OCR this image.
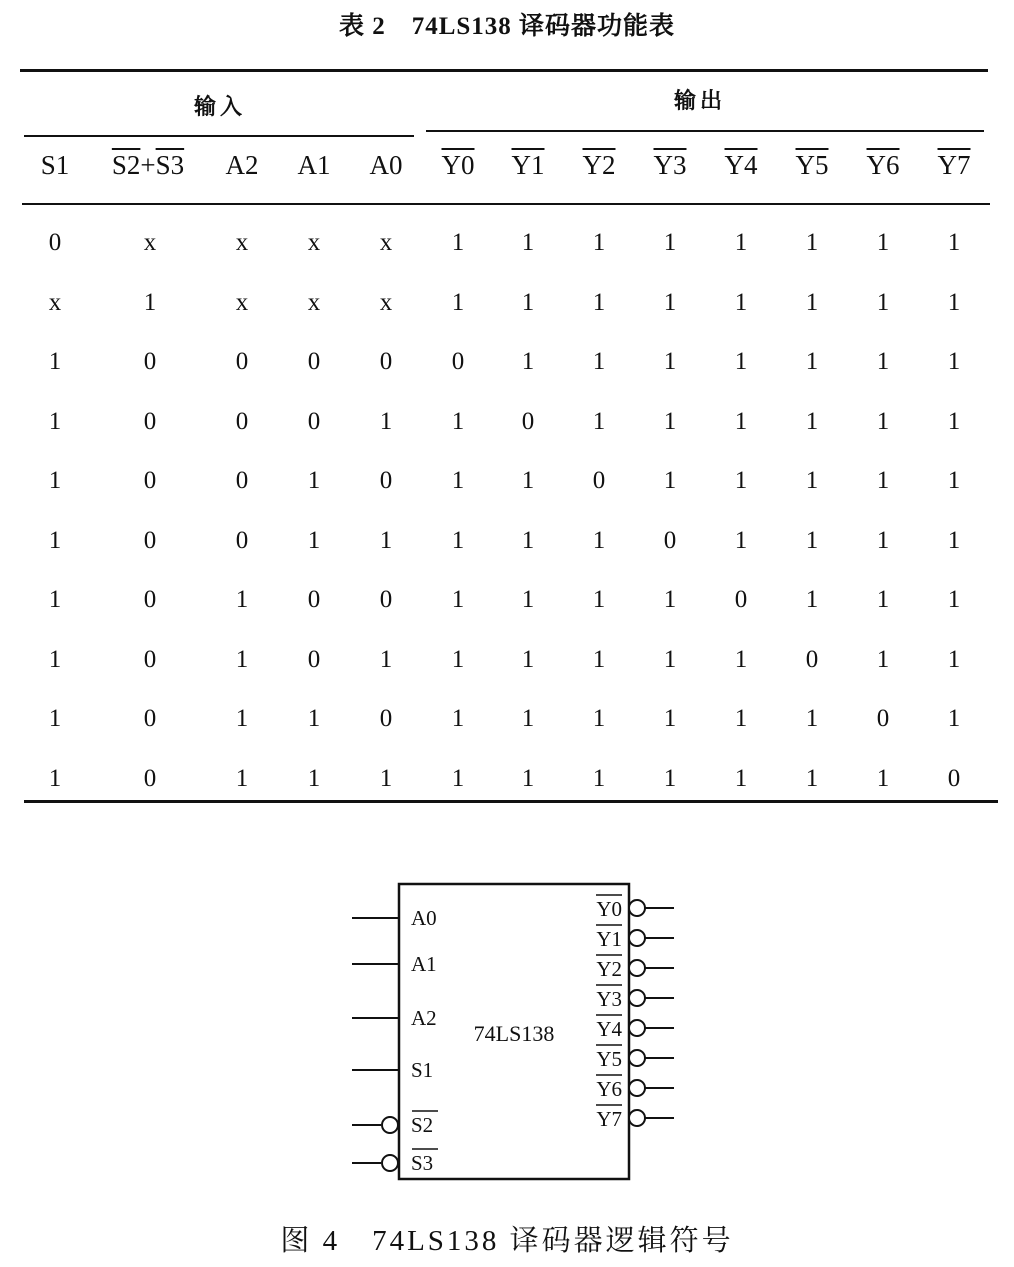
表 2　74LS138 译码器功能表
输入	输出
S1	S2+S3	A2	A1	A0	Y0	Y1	Y2	Y3	Y4	Y5	Y6	Y7
0	x	x	x	x	1	1	1	1	1	1	1	1
x	1	x	x	x	1	1	1	1	1	1	1	1
1	0	0	0	0	0	1	1	1	1	1	1	1
1	0	0	0	1	1	0	1	1	1	1	1	1
1	0	0	1	0	1	1	0	1	1	1	1	1
1	0	0	1	1	1	1	1	0	1	1	1	1
1	0	1	0	0	1	1	1	1	0	1	1	1
1	0	1	0	1	1	1	1	1	1	0	1	1
1	0	1	1	0	1	1	1	1	1	1	0	1
1	0	1	1	1	1	1	1	1	1	1	1	0
74LS138
A0
A1
A2
S1
S2
S3
Y0
Y1
Y2
Y3
Y4
Y5
Y6
Y7
图 4　74LS138 译码器逻辑符号
